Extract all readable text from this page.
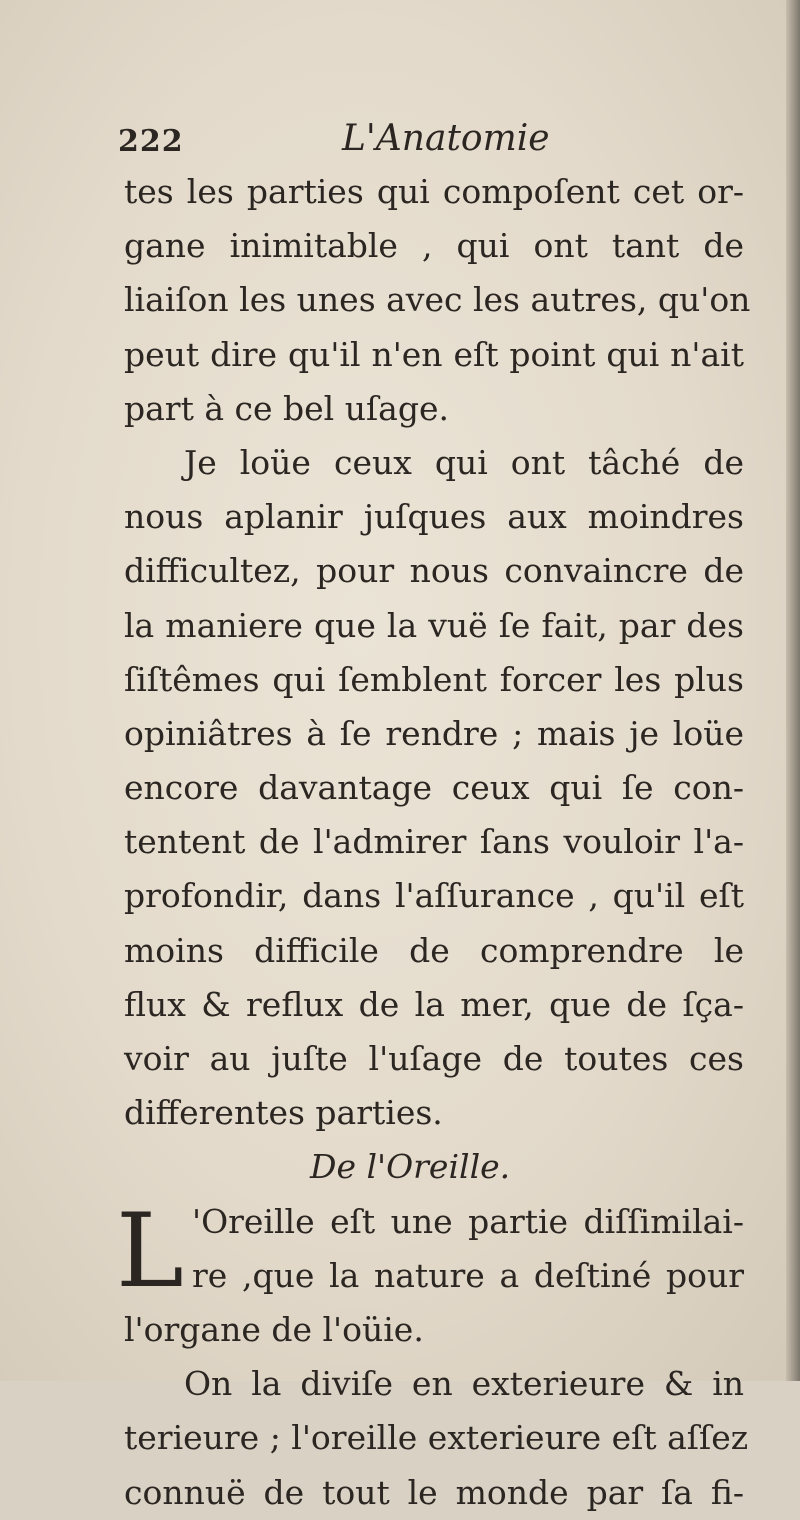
222	L'Anatomie
tes les parties qui compoſent cet or-
gane inimitable , qui ont tant de
liaiſon les unes avec les autres, qu'on
peut dire qu'il n'en eſt point qui n'ait
part à ce bel uſage.
Je loüe ceux qui ont tâché de
nous aplanir juſques aux moindres
difficultez, pour nous convaincre de
la maniere que la vuë ſe fait, par des
ſiſtêmes qui ſemblent forcer les plus
opiniâtres à ſe rendre ; mais je loüe
encore davantage ceux qui ſe con-
tentent de l'admirer ſans vouloir l'a-
profondir, dans l'aſſurance , qu'il eſt
moins difficile de comprendre le
flux & reflux de la mer, que de ſça-
voir au juſte l'uſage de toutes ces
differentes parties.
De l'Oreille.
L 'Oreille eſt une partie diſſimilai-
re ,que la nature a deſtiné pour
l'organe de l'oüie.
On la diviſe en exterieure & in
terieure ; l'oreille exterieure eſt aſſez
connuë de tout le monde par ſa fi-
